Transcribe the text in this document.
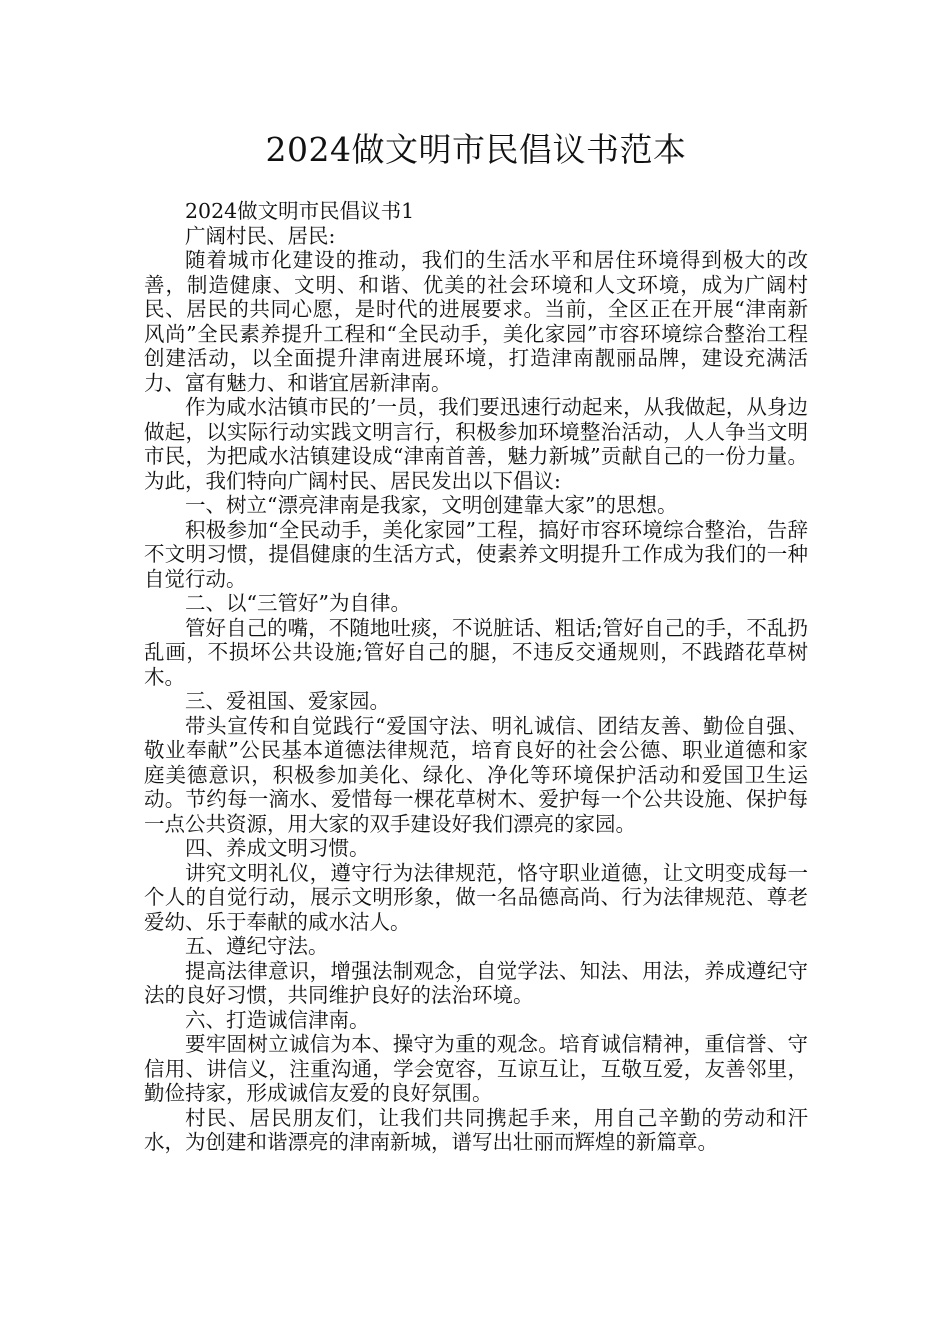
2024做文明市民倡议书范本

2024做文明市民倡议书1

广阔村民、居民:

随着城市化建设的推动，我们的生活水平和居住环境得到极大的改善，制造健康、文明、和谐、优美的社会环境和人文环境，成为广阔村民、居民的共同心愿，是时代的进展要求。当前，全区正在开展“津南新风尚”全民素养提升工程和“全民动手，美化家园”市容环境综合整治工程创建活动，以全面提升津南进展环境，打造津南靓丽品牌，建设充满活力、富有魅力、和谐宜居新津南。

作为咸水沽镇市民的’一员，我们要迅速行动起来，从我做起，从身边做起，以实际行动实践文明言行，积极参加环境整治活动，人人争当文明市民，为把咸水沽镇建设成“津南首善，魅力新城”贡献自己的一份力量。为此，我们特向广阔村民、居民发出以下倡议:

一、树立“漂亮津南是我家，文明创建靠大家”的思想。

积极参加“全民动手，美化家园”工程，搞好市容环境综合整治，告辞不文明习惯，提倡健康的生活方式，使素养文明提升工作成为我们的一种自觉行动。

二、以“三管好”为自律。

管好自己的嘴，不随地吐痰，不说脏话、粗话;管好自己的手，不乱扔乱画，不损坏公共设施;管好自己的腿，不违反交通规则，不践踏花草树木。

三、爱祖国、爱家园。

带头宣传和自觉践行“爱国守法、明礼诚信、团结友善、勤俭自强、敬业奉献”公民基本道德法律规范，培育良好的社会公德、职业道德和家庭美德意识，积极参加美化、绿化、净化等环境保护活动和爱国卫生运动。节约每一滴水、爱惜每一棵花草树木、爱护每一个公共设施、保护每一点公共资源，用大家的双手建设好我们漂亮的家园。

四、养成文明习惯。

讲究文明礼仪，遵守行为法律规范，恪守职业道德，让文明变成每一个人的自觉行动，展示文明形象，做一名品德高尚、行为法律规范、尊老爱幼、乐于奉献的咸水沽人。

五、遵纪守法。

提高法律意识，增强法制观念，自觉学法、知法、用法，养成遵纪守法的良好习惯，共同维护良好的法治环境。

六、打造诚信津南。

要牢固树立诚信为本、操守为重的观念。培育诚信精神，重信誉、守信用、讲信义，注重沟通，学会宽容，互谅互让，互敬互爱，友善邻里，勤俭持家，形成诚信友爱的良好氛围。

村民、居民朋友们，让我们共同携起手来，用自己辛勤的劳动和汗水，为创建和谐漂亮的津南新城，谱写出壮丽而辉煌的新篇章。
